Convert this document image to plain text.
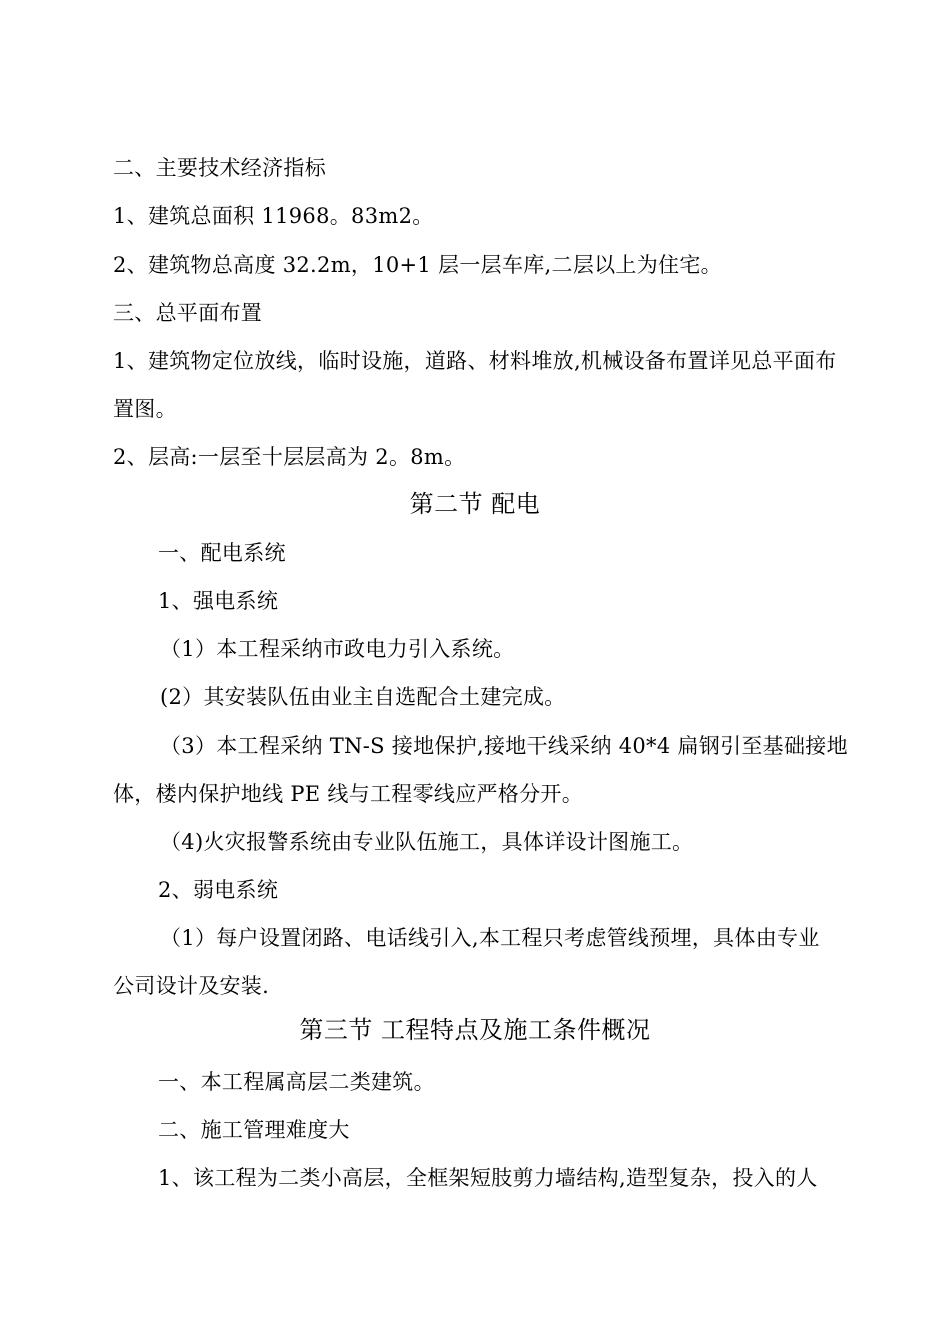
二、主要技术经济指标
1、建筑总面积 11968。83m2。
2、建筑物总高度 32.2m，10+1 层一层车库,二层以上为住宅。
三、总平面布置
1、建筑物定位放线，临时设施，道路、材料堆放,机械设备布置详见总平面布
置图。
2、层高:一层至十层层高为 2。8m。
第二节 配电
一、配电系统
1、强电系统
（1）本工程采纳市政电力引入系统。
(2）其安装队伍由业主自选配合土建完成。
（3）本工程采纳 TN-S 接地保护,接地干线采纳 40*4 扁钢引至基础接地
体，楼内保护地线 PE 线与工程零线应严格分开。
（4)火灾报警系统由专业队伍施工，具体详设计图施工。
2、弱电系统
（1）每户设置闭路、电话线引入,本工程只考虑管线预埋，具体由专业
公司设计及安装.
第三节 工程特点及施工条件概况
一、本工程属高层二类建筑。
二、施工管理难度大
1、该工程为二类小高层，全框架短肢剪力墙结构,造型复杂，投入的人
